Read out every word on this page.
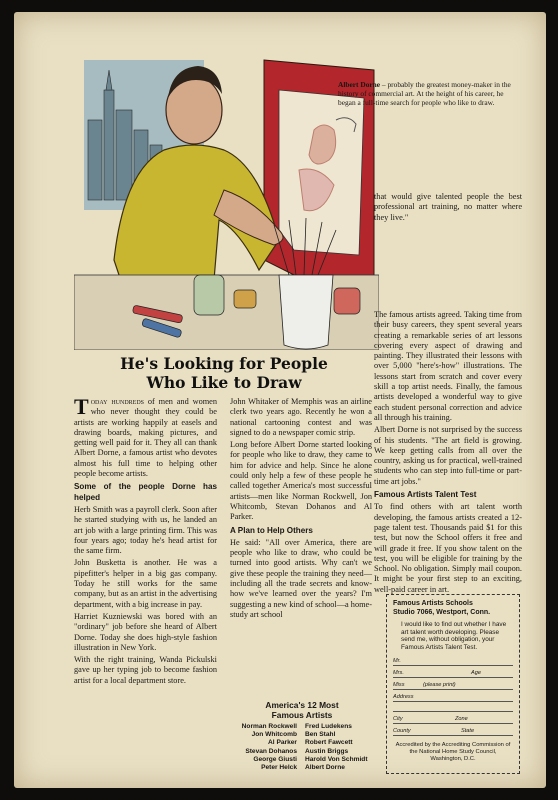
Albert Dorne – probably the greatest money-maker in the history of commercial art. At the height of his career, he began a full-time search for people who like to draw.
that would give talented people the best professional art training, no matter where they live."
He's Looking for People
Who Like to Draw

Today hundreds of men and women who never thought they could be artists are working happily at easels and drawing boards, making pictures, and getting well paid for it. They all can thank Albert Dorne, a famous artist who devotes almost his full time to helping other people become artists.

Some of the people Dorne has helped

Herb Smith was a payroll clerk. Soon after he started studying with us, he landed an art job with a large printing firm. This was four years ago; today he's head artist for the same firm.

John Busketta is another. He was a pipefitter's helper in a big gas company. Today he still works for the same company, but as an artist in the advertising department, with a big increase in pay.

Harriet Kuzniewski was bored with an "ordinary" job before she heard of Albert Dorne. Today she does high-style fashion illustration in New York.

With the right training, Wanda Pickulski gave up her typing job to become fashion artist for a local department store.

John Whitaker of Memphis was an airline clerk two years ago. Recently he won a national cartooning contest and was signed to do a newspaper comic strip.

Long before Albert Dorne started looking for people who like to draw, they came to him for advice and help. Since he alone could only help a few of these people he called together America's most successful artists—men like Norman Rockwell, Jon Whitcomb, Stevan Dohanos and Al Parker.

A Plan to Help Others

He said: "All over America, there are people who like to draw, who could be turned into good artists. Why can't we give these people the training they need—including all the trade secrets and know-how we've learned over the years? I'm suggesting a new kind of school—a home-study art school

The famous artists agreed. Taking time from their busy careers, they spent several years creating a remarkable series of art lessons covering every aspect of drawing and painting. They illustrated their lessons with over 5,000 "here's-how" illustrations. The lessons start from scratch and cover every skill a top artist needs. Finally, the famous artists developed a wonderful way to give each student personal correction and advice all through his training.

Albert Dorne is not surprised by the success of his students. "The art field is growing. We keep getting calls from all over the country, asking us for practical, well-trained students who can step into full-time or part-time art jobs."

Famous Artists Talent Test

To find others with art talent worth developing, the famous artists created a 12-page talent test. Thousands paid $1 for this test, but now the School offers it free and will grade it free. If you show talent on the test, you will be eligible for training by the School. No obligation. Simply mail coupon. It might be your first step to an exciting, well-paid career in art.

America's 12 Most
Famous Artists
Norman Rockwell	Fred Ludekens
Jon Whitcomb	Ben Stahl
Al Parker	Robert Fawcett
Stevan Dohanos	Austin Briggs
George Giusti	Harold Von Schmidt
Peter Helck	Albert Dorne
Famous Artists Schools
Studio 7066, Westport, Conn.
I would like to find out whether I have art talent worth developing. Please send me, without obligation, your Famous Artists Talent Test.
Mr.
Mrs.	Age
Miss	(please print)
Address
City	Zone
County	State
Accredited by the Accrediting Commission of the National Home Study Council, Washington, D.C.
